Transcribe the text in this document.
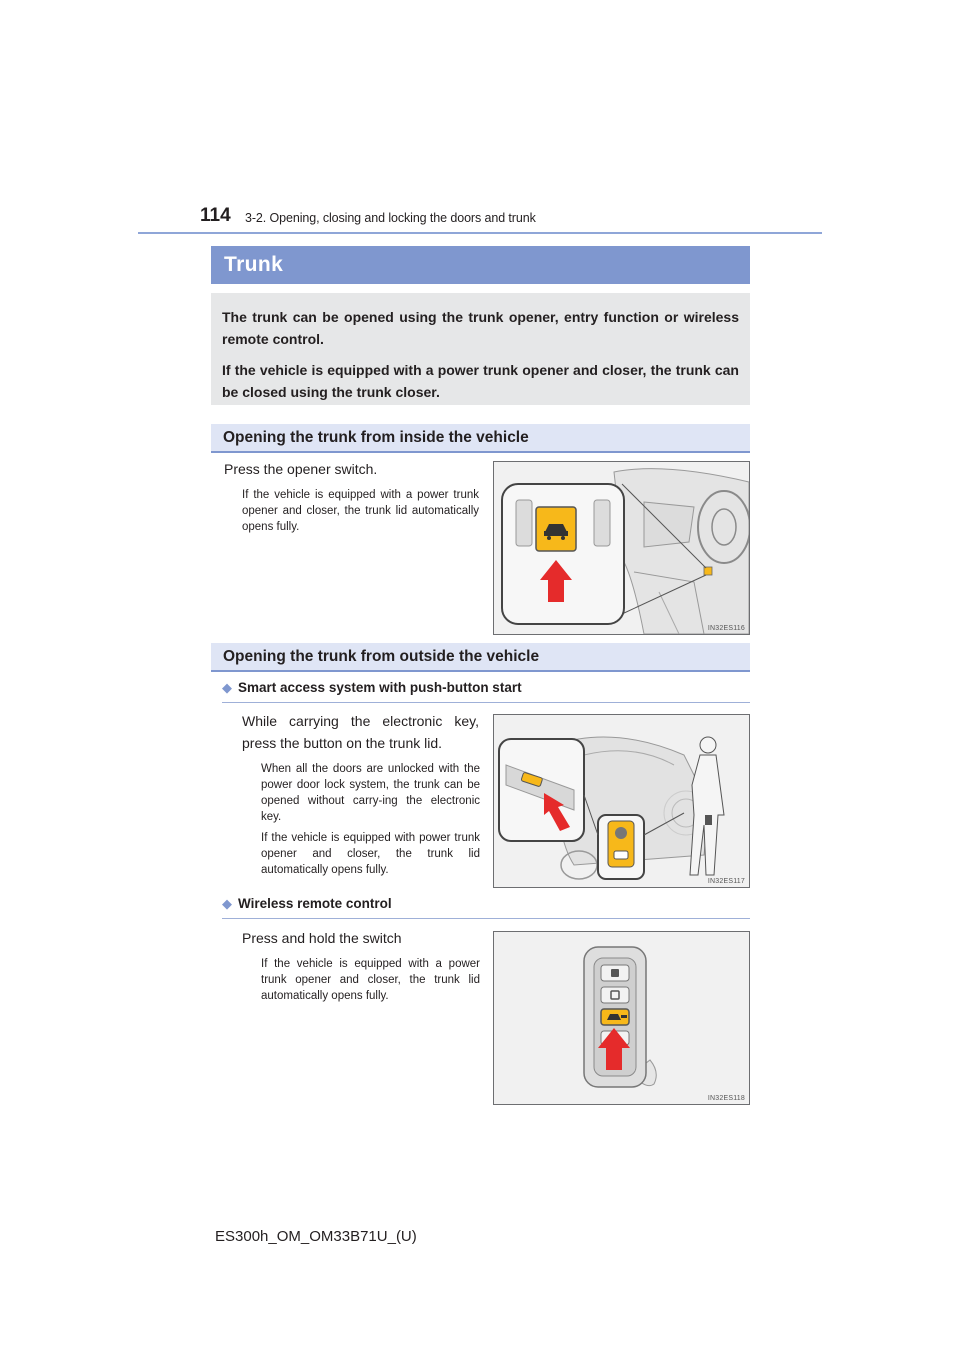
114 3-2. Opening, closing and locking the doors and trunk
Trunk

The trunk can be opened using the trunk opener, entry function or wireless remote control.

If the vehicle is equipped with a power trunk opener and closer, the trunk can be closed using the trunk closer.

Opening the trunk from inside the vehicle
Press the opener switch.
If the vehicle is equipped with a power trunk opener and closer, the trunk lid automatically opens fully.
IN32ES116
Opening the trunk from outside the vehicle
◆ Smart access system with push-button start
While carrying the electronic key, press the button on the trunk lid.

When all the doors are unlocked with the power door lock system, the trunk can be opened without carry-ing the electronic key.

If the vehicle is equipped with power trunk opener and closer, the trunk lid automatically opens fully.

IN32ES117
◆ Wireless remote control
Press and hold the switch
If the vehicle is equipped with a power trunk opener and closer, the trunk lid automatically opens fully.
IN32ES118
ES300h_OM_OM33B71U_(U)
